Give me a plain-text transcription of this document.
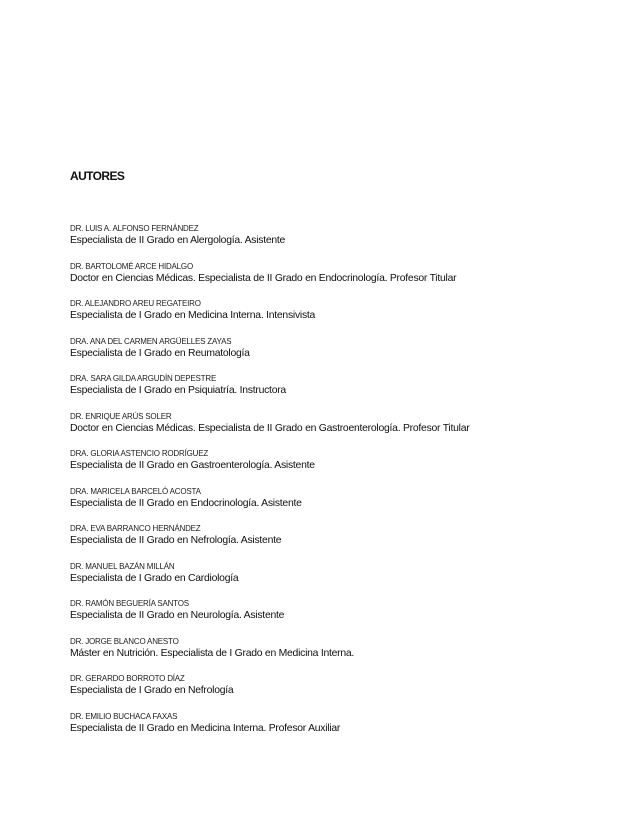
AUTORES
DR. LUIS A. ALFONSO FERNÁNDEZ
Especialista de II Grado en Alergología. Asistente
DR. BARTOLOMÉ ARCE HIDALGO
Doctor en Ciencias Médicas. Especialista de II Grado en Endocrinología. Profesor Titular
DR. ALEJANDRO AREU REGATEIRO
Especialista de I Grado en Medicina Interna. Intensivista
DRA. ANA DEL CARMEN ARGÜELLES ZAYAS
Especialista de I Grado en Reumatología
DRA. SARA GILDA ARGUDÍN DEPESTRE
Especialista de I Grado en Psiquiatría. Instructora
DR. ENRIQUE ARÚS SOLER
Doctor en Ciencias Médicas. Especialista de II Grado en Gastroenterología. Profesor Titular
DRA. GLORIA ASTENCIO RODRÍGUEZ
Especialista de II Grado en Gastroenterología. Asistente
DRA. MARICELA BARCELÓ ACOSTA
Especialista de II Grado en Endocrinología. Asistente
DRA. EVA BARRANCO HERNÁNDEZ
Especialista de II Grado en Nefrología. Asistente
DR. MANUEL BAZÁN MILLÁN
Especialista de I Grado en Cardiología
DR. RAMÓN BEGUERÍA SANTOS
Especialista de II Grado en Neurología. Asistente
DR. JORGE BLANCO ANESTO
Máster en Nutrición. Especialista de I Grado en Medicina Interna.
DR. GERARDO BORROTO DÍAZ
Especialista de I Grado en Nefrología
DR. EMILIO BUCHACA FAXAS
Especialista de II Grado en Medicina Interna. Profesor Auxiliar
